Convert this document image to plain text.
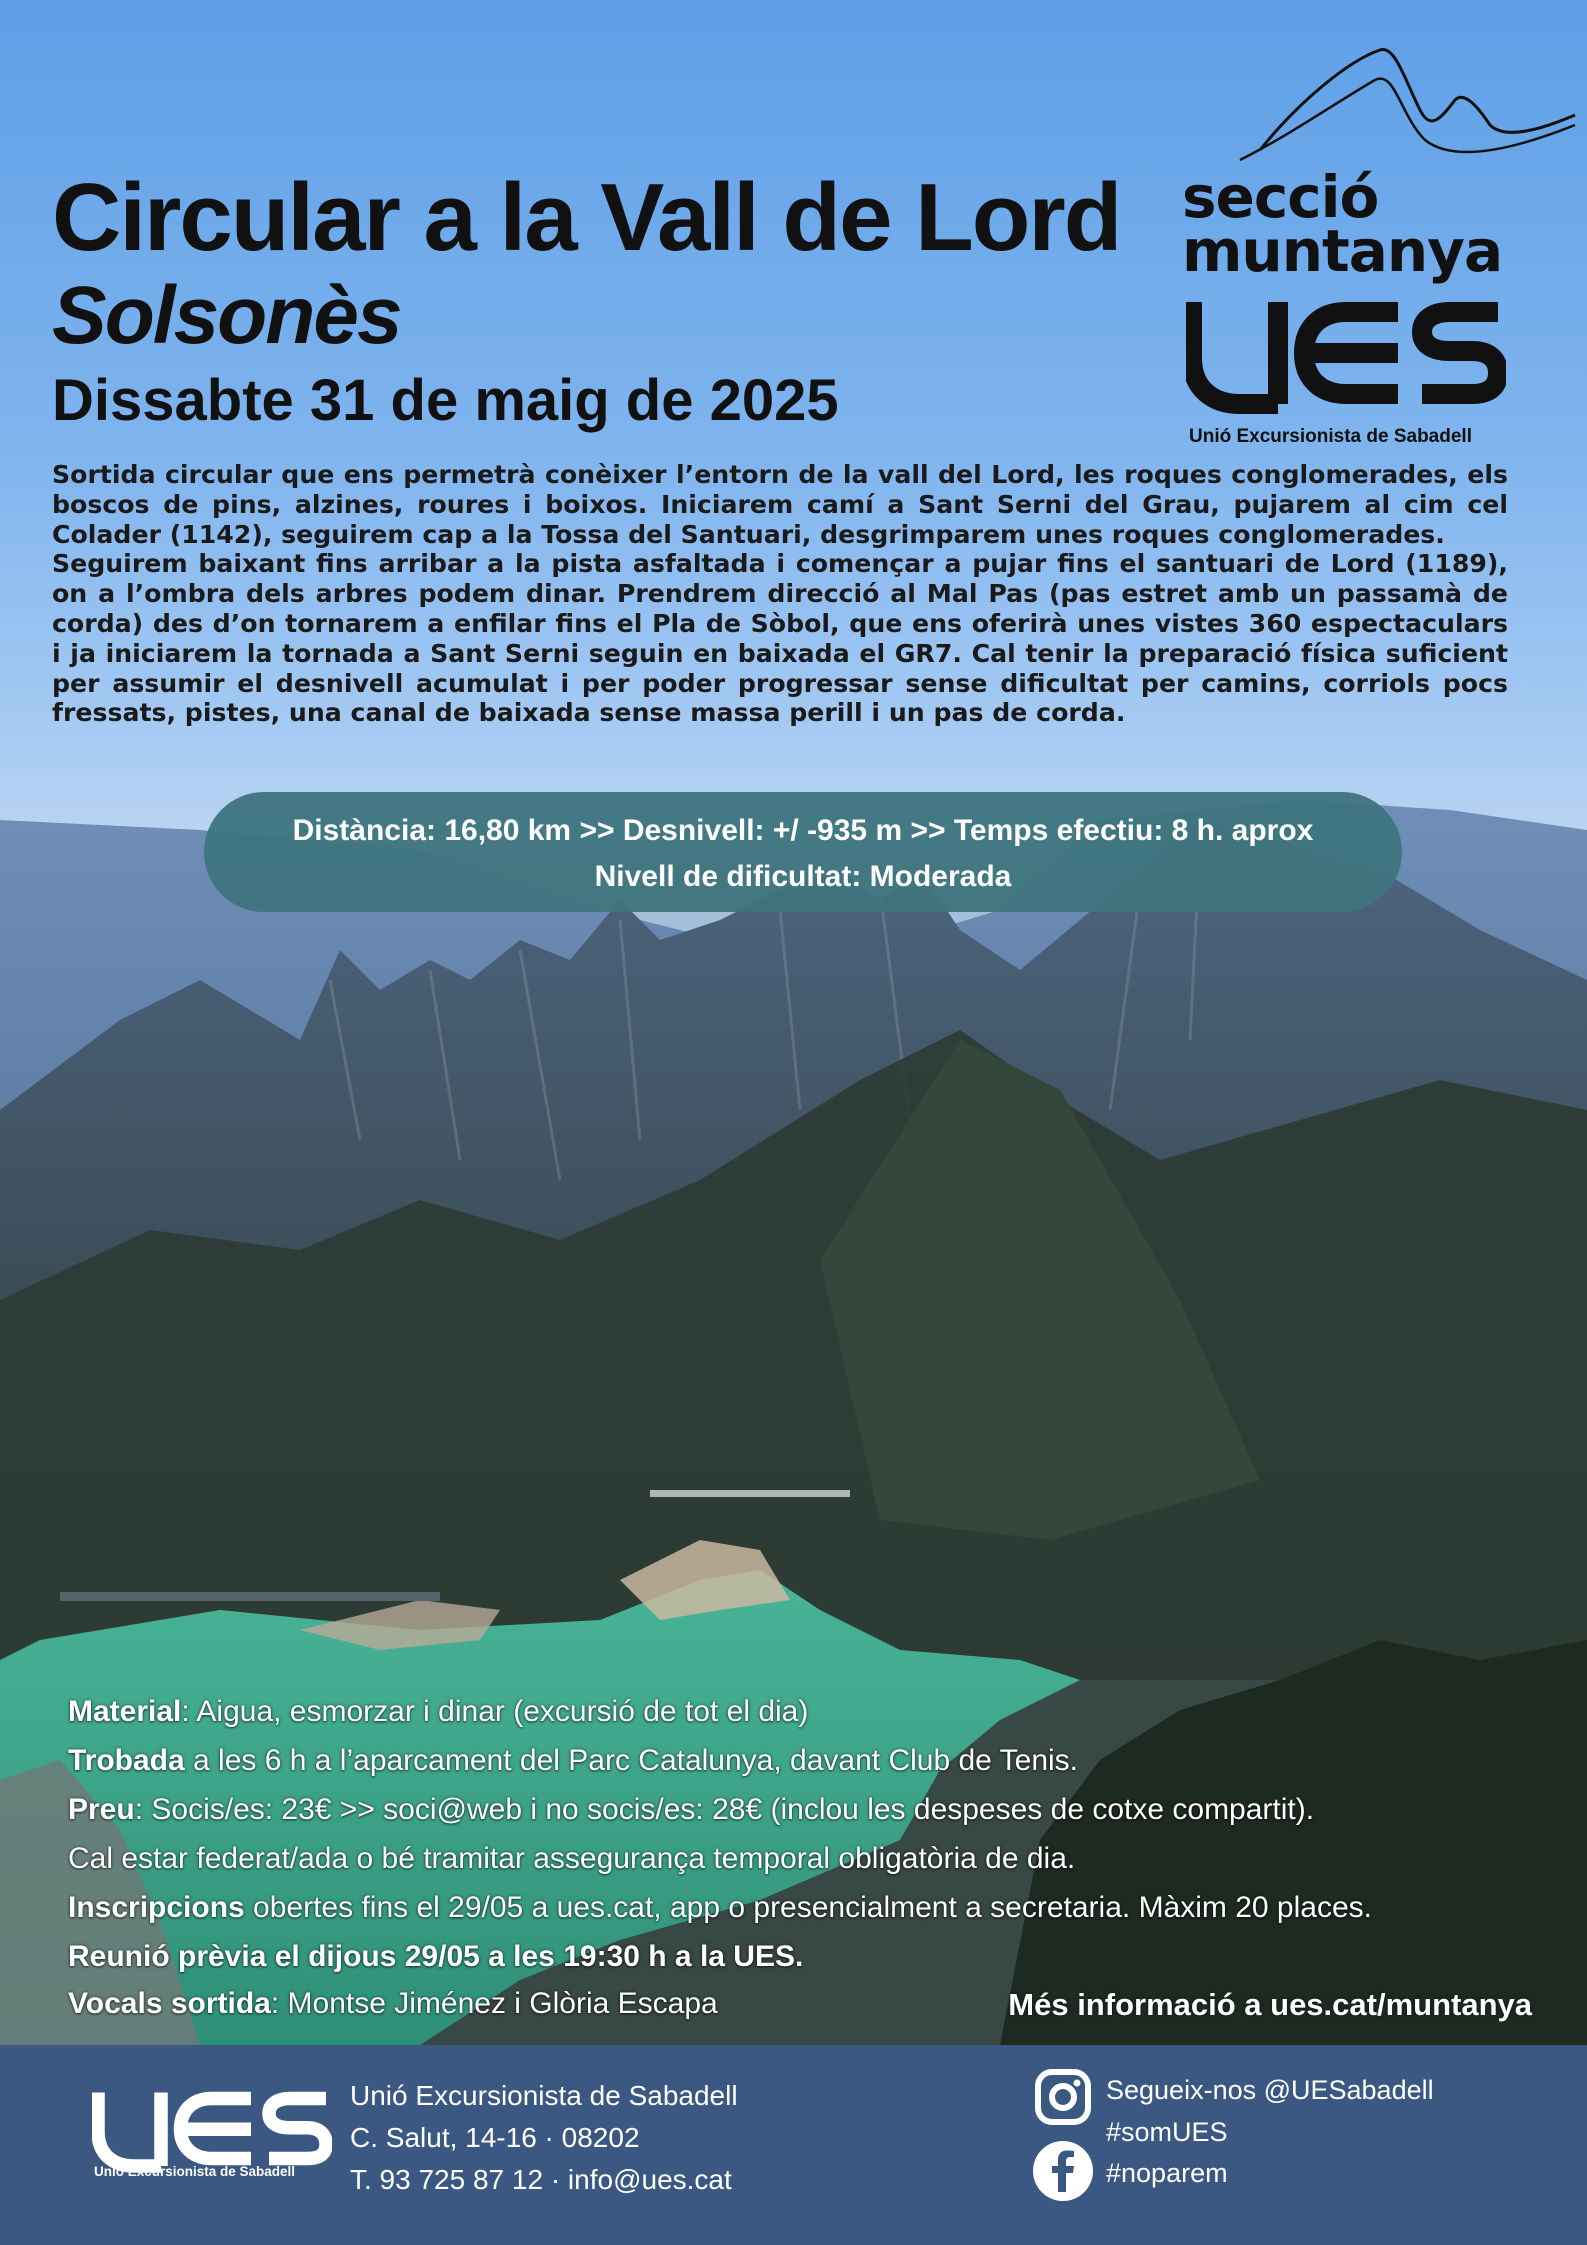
Circular a la Vall de Lord
Solsonès
Dissabte 31 de maig de 2025
secció
muntanya
Unió Excursionista de Sabadell
Sortida circular que ens permetrà conèixer l’entorn de la vall del Lord, les roques conglomerades, els boscos de pins, alzines, roures i boixos. Iniciarem camí a Sant Serni del Grau, pujarem al cim cel Colader (1142), seguirem cap a la Tossa del Santuari, desgrimparem unes roques conglomerades.
Seguirem baixant fins arribar a la pista asfaltada i començar a pujar fins el santuari de Lord (1189), on a l’ombra dels arbres podem dinar. Prendrem direcció al Mal Pas (pas estret amb un passamà de corda) des d’on tornarem a enfilar fins el Pla de Sòbol, que ens oferirà unes vistes 360 espectaculars i ja iniciarem la tornada a Sant Serni seguin en baixada el GR7. Cal tenir la preparació física suficient per assumir el desnivell acumulat i per poder progressar sense dificultat per camins, corriols pocs fressats, pistes, una canal de baixada sense massa perill i un pas de corda.
Distància: 16,80 km >> Desnivell: +/ -935 m >> Temps efectiu: 8 h. aprox
Nivell de dificultat: Moderada
Material: Aigua, esmorzar i dinar (excursió de tot el dia)
Trobada a les 6 h a l’aparcament del Parc Catalunya, davant Club de Tenis.
Preu: Socis/es: 23€ >> soci@web i no socis/es: 28€ (inclou les despeses de cotxe compartit).
Cal estar federat/ada o bé tramitar assegurança temporal obligatòria de dia.
Inscripcions obertes fins el 29/05 a ues.cat, app o presencialment a secretaria. Màxim 20 places.
Reunió prèvia el dijous 29/05 a les 19:30 h a la UES.
Vocals sortida: Montse Jiménez i Glòria Escapa	Més informació a ues.cat/muntanya
Unió Excursionista de Sabadell
Unió Excursionista de Sabadell
C. Salut, 14-16 · 08202
T. 93 725 87 12 · info@ues.cat
Segueix-nos @UESabadell
#somUES
#noparem
